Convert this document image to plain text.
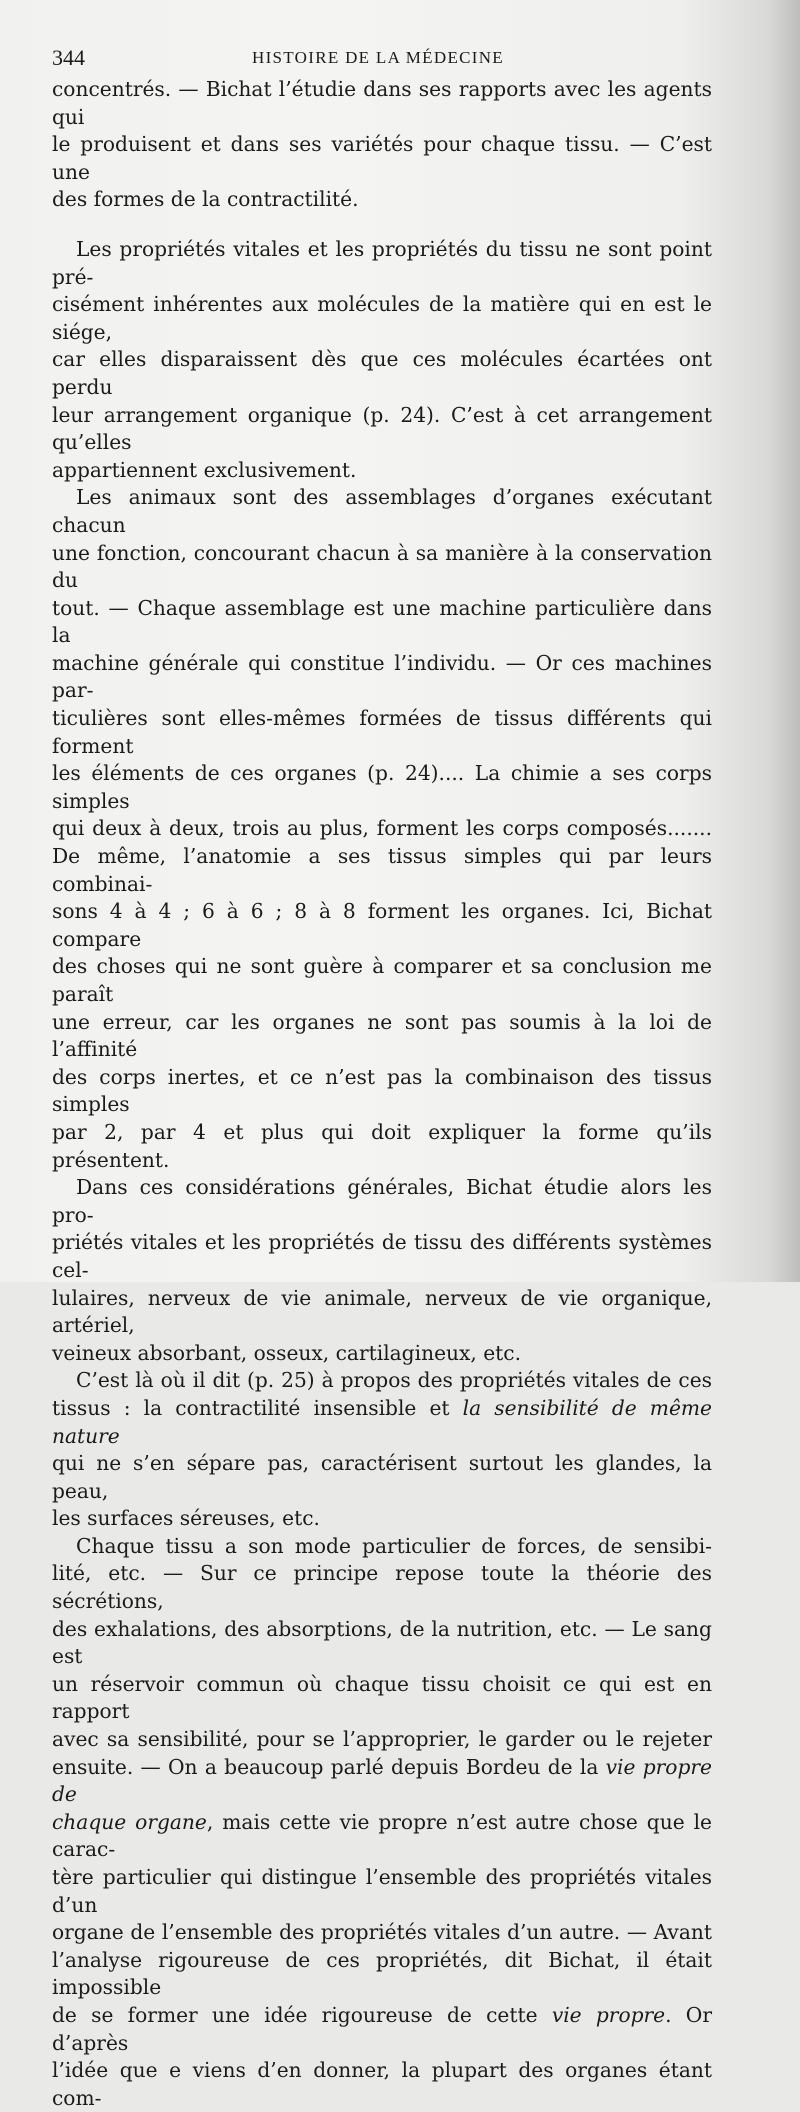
344	HISTOIRE DE LA MÉDECINE

concentrés. — Bichat l’étudie dans ses rapports avec les agents qui

le produisent et dans ses variétés pour chaque tissu. — C’est une

des formes de la contractilité.

Les propriétés vitales et les propriétés du tissu ne sont point pré-

cisément inhérentes aux molécules de la matière qui en est le siége,

car elles disparaissent dès que ces molécules écartées ont perdu

leur arrangement organique (p. 24). C’est à cet arrangement qu’elles

appartiennent exclusivement.

Les animaux sont des assemblages d’organes exécutant chacun

une fonction, concourant chacun à sa manière à la conservation du

tout. — Chaque assemblage est une machine particulière dans la

machine générale qui constitue l’individu. — Or ces machines par-

ticulières sont elles-mêmes formées de tissus différents qui forment

les éléments de ces organes (p. 24).... La chimie a ses corps simples

qui deux à deux, trois au plus, forment les corps composés.......

De même, l’anatomie a ses tissus simples qui par leurs combinai-

sons 4 à 4 ; 6 à 6 ; 8 à 8 forment les organes. Ici, Bichat compare

des choses qui ne sont guère à comparer et sa conclusion me paraît

une erreur, car les organes ne sont pas soumis à la loi de l’affinité

des corps inertes, et ce n’est pas la combinaison des tissus simples

par 2, par 4 et plus qui doit expliquer la forme qu’ils présentent.

Dans ces considérations générales, Bichat étudie alors les pro-

priétés vitales et les propriétés de tissu des différents systèmes cel-

lulaires, nerveux de vie animale, nerveux de vie organique, artériel,

veineux absorbant, osseux, cartilagineux, etc.

C’est là où il dit (p. 25) à propos des propriétés vitales de ces

tissus : la contractilité insensible et la sensibilité de même nature

qui ne s’en sépare pas, caractérisent surtout les glandes, la peau,

les surfaces séreuses, etc.

Chaque tissu a son mode particulier de forces, de sensibi-

lité, etc. — Sur ce principe repose toute la théorie des sécrétions,

des exhalations, des absorptions, de la nutrition, etc. — Le sang est

un réservoir commun où chaque tissu choisit ce qui est en rapport

avec sa sensibilité, pour se l’approprier, le garder ou le rejeter

ensuite. — On a beaucoup parlé depuis Bordeu de la vie propre de

chaque organe, mais cette vie propre n’est autre chose que le carac-

tère particulier qui distingue l’ensemble des propriétés vitales d’un

organe de l’ensemble des propriétés vitales d’un autre. — Avant

l’analyse rigoureuse de ces propriétés, dit Bichat, il était impossible

de se former une idée rigoureuse de cette vie propre. Or d’après

l’idée que e viens d’en donner, la plupart des organes étant com-
